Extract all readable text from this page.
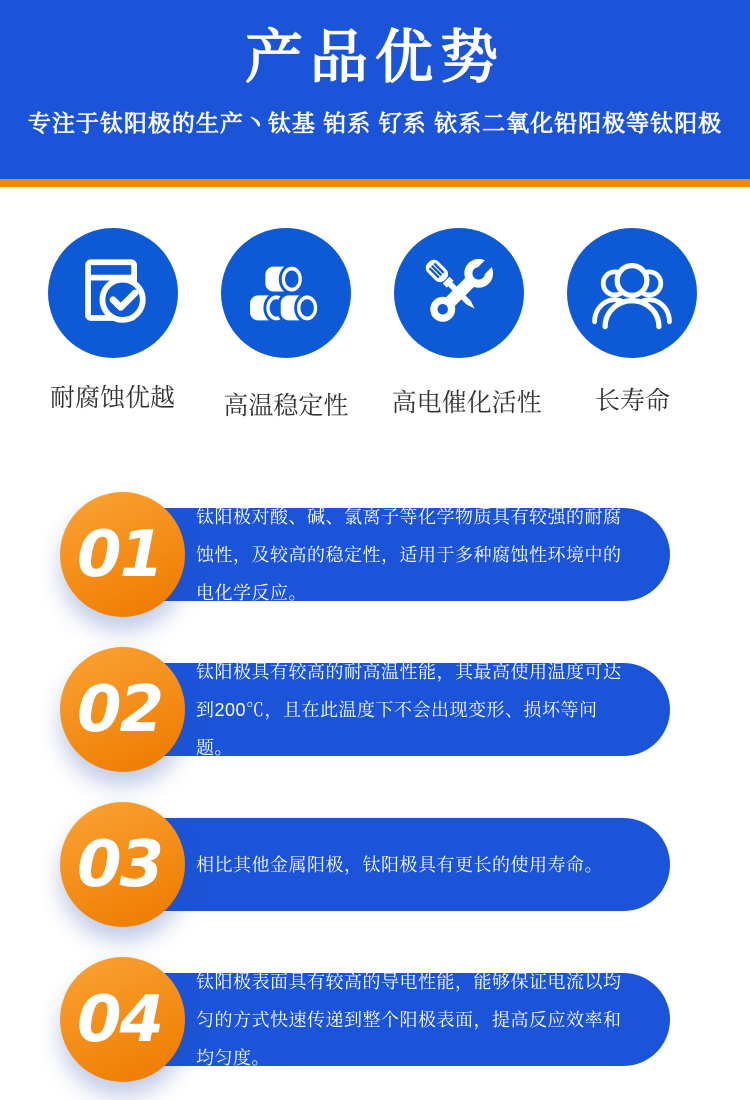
产品优势
专注于钛阳极的生产丶钛基 铂系 钌系 铱系二氧化铅阳极等钛阳极
耐腐蚀优越 高温稳定性 高电催化活性	长寿命
钛阳极对酸、碱、氯离子等化学物质具有较强的耐腐蚀性，及较高的稳定性，适用于多种腐蚀性环境中的电化学反应。
01
钛阳极具有较高的耐高温性能，其最高使用温度可达到200℃，且在此温度下不会出现变形、损坏等问题。
02
相比其他金属阳极，钛阳极具有更长的使用寿命。
03
钛阳极表面具有较高的导电性能，能够保证电流以均匀的方式快速传递到整个阳极表面，提高反应效率和均匀度。
04
